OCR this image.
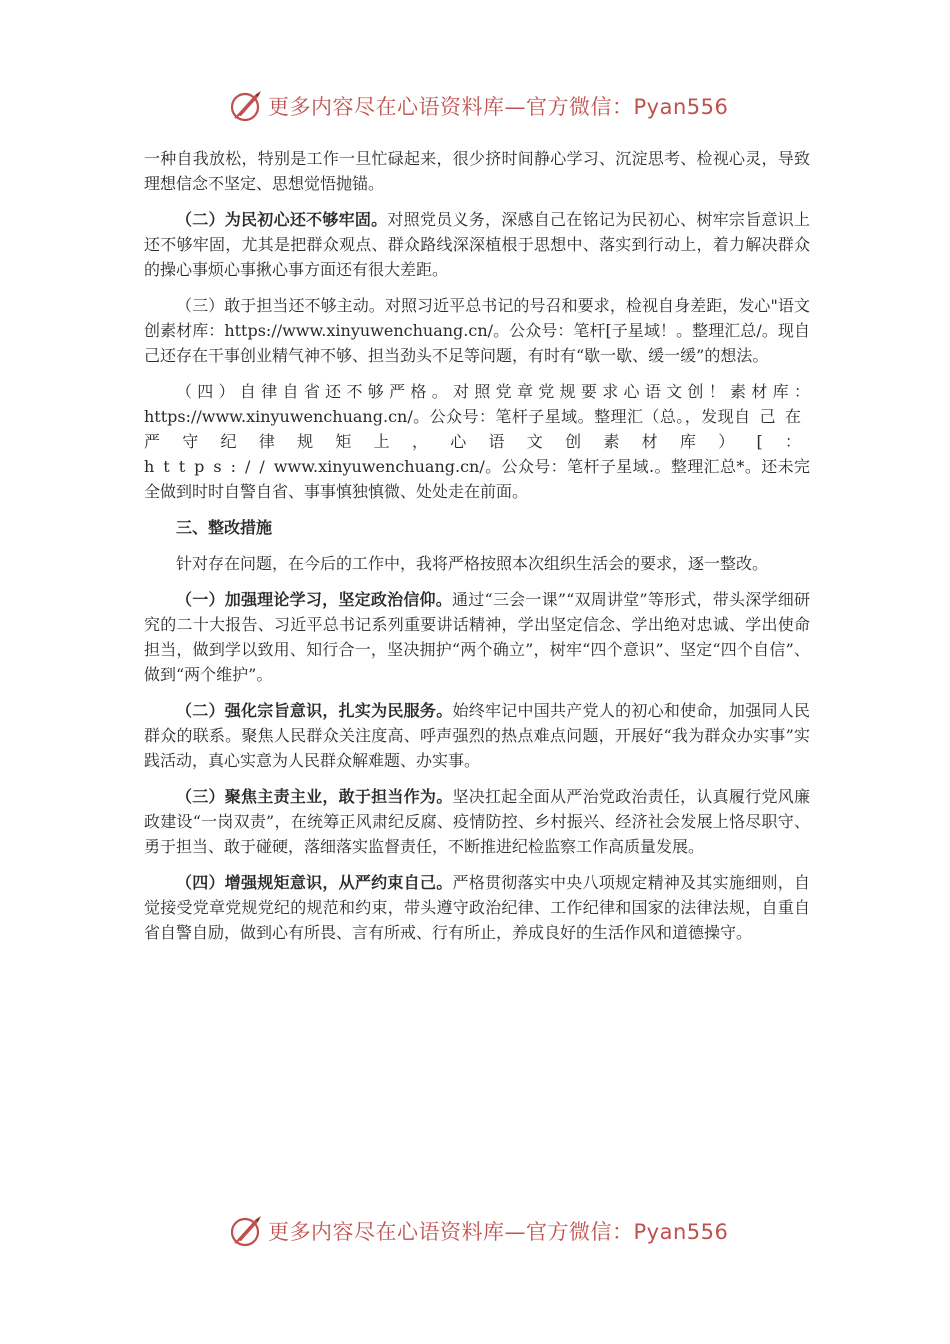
更多内容尽在心语资料库—官方微信：Pyan556

一种自我放松，特别是工作一旦忙碌起来，很少挤时间静心学习、沉淀思考、检视心灵，导致理想信念不坚定、思想觉悟抛锚。

（二）为民初心还不够牢固。对照党员义务，深感自己在铭记为民初心、树牢宗旨意识上还不够牢固，尤其是把群众观点、群众路线深深植根于思想中、落实到行动上，着力解决群众的操心事烦心事揪心事方面还有很大差距。

（三）敢于担当还不够主动。对照习近平总书记的号召和要求，检视自身差距，发心"语文创素材库：https://www.xinyuwenchuang.cn/。公众号：笔杆[子星域！。整理汇总/。现自己还存在干事创业精气神不够、担当劲头不足等问题，有时有“歇一歇、缓一缓”的想法。

（四）自律自省还不够严格。对照党章党规要求心语文创！素材库：https://www.xinyuwenchuang.cn/。公众号：笔杆子星域。整理汇（总。，发现自己在严守纪律规矩上，心语文创素材库）[：https://www.xinyuwenchuang.cn/。公众号：笔杆子星域.。整理汇总*。还未完全做到时时自警自省、事事慎独慎微、处处走在前面。

三、整改措施

针对存在问题，在今后的工作中，我将严格按照本次组织生活会的要求，逐一整改。

（一）加强理论学习，坚定政治信仰。通过“三会一课”“双周讲堂”等形式，带头深学细研究的二十大报告、习近平总书记系列重要讲话精神，学出坚定信念、学出绝对忠诚、学出使命担当，做到学以致用、知行合一，坚决拥护“两个确立”，树牢“四个意识”、坚定“四个自信”、做到“两个维护”。

（二）强化宗旨意识，扎实为民服务。始终牢记中国共产党人的初心和使命，加强同人民群众的联系。聚焦人民群众关注度高、呼声强烈的热点难点问题，开展好“我为群众办实事”实践活动，真心实意为人民群众解难题、办实事。

（三）聚焦主责主业，敢于担当作为。坚决扛起全面从严治党政治责任，认真履行党风廉政建设“一岗双责”，在统筹正风肃纪反腐、疫情防控、乡村振兴、经济社会发展上恪尽职守、勇于担当、敢于碰硬，落细落实监督责任，不断推进纪检监察工作高质量发展。

（四）增强规矩意识，从严约束自己。严格贯彻落实中央八项规定精神及其实施细则，自觉接受党章党规党纪的规范和约束，带头遵守政治纪律、工作纪律和国家的法律法规，自重自省自警自励，做到心有所畏、言有所戒、行有所止，养成良好的生活作风和道德操守。

更多内容尽在心语资料库—官方微信：Pyan556
